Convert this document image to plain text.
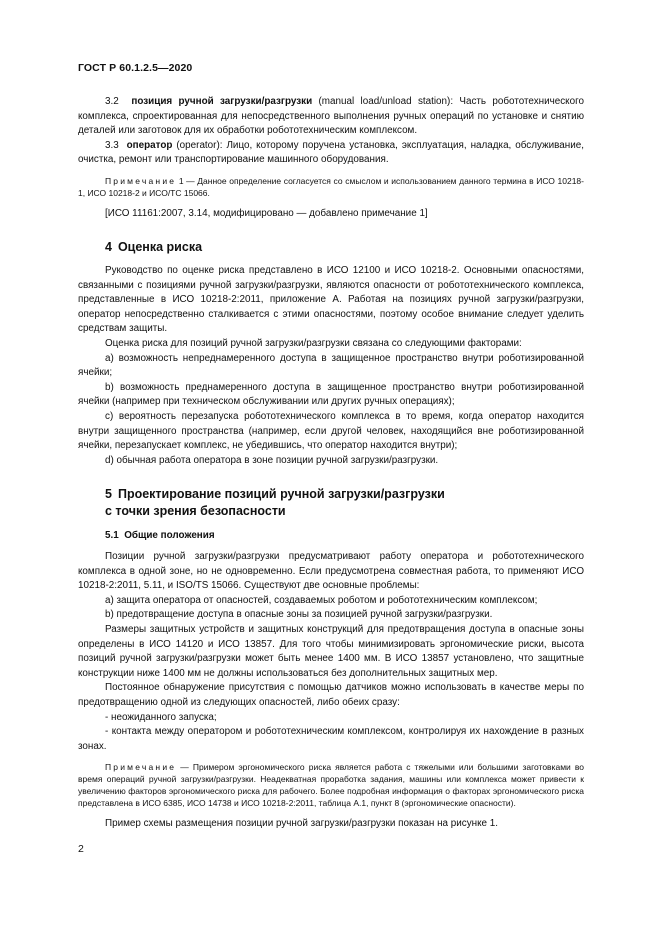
ГОСТ Р 60.1.2.5—2020

3.2 позиция ручной загрузки/разгрузки (manual load/unload station): Часть робототехнического комплекса, спроектированная для непосредственного выполнения ручных операций по установке и снятию деталей или заготовок для их обработки робототехническим комплексом.

3.3 оператор (operator): Лицо, которому поручена установка, эксплуатация, наладка, обслуживание, очистка, ремонт или транспортирование машинного оборудования.

Примечание 1 — Данное определение согласуется со смыслом и использованием данного термина в ИСО 10218-1, ИСО 10218-2 и ИСО/ТС 15066.

[ИСО 11161:2007, 3.14, модифицировано — добавлено примечание 1]

4 Оценка риска

Руководство по оценке риска представлено в ИСО 12100 и ИСО 10218-2. Основными опасностями, связанными с позициями ручной загрузки/разгрузки, являются опасности от робототехнического комплекса, представленные в ИСО 10218-2:2011, приложение А. Работая на позициях ручной загрузки/разгрузки, оператор непосредственно сталкивается с этими опасностями, поэтому особое внимание следует уделить средствам защиты.

Оценка риска для позиций ручной загрузки/разгрузки связана со следующими факторами:

a) возможность непреднамеренного доступа в защищенное пространство внутри роботизированной ячейки;

b) возможность преднамеренного доступа в защищенное пространство внутри роботизированной ячейки (например при техническом обслуживании или других ручных операциях);

c) вероятность перезапуска робототехнического комплекса в то время, когда оператор находится внутри защищенного пространства (например, если другой человек, находящийся вне роботизированной ячейки, перезапускает комплекс, не убедившись, что оператор находится внутри);

d) обычная работа оператора в зоне позиции ручной загрузки/разгрузки.

5 Проектирование позиций ручной загрузки/разгрузки
с точки зрения безопасности
5.1 Общие положения

Позиции ручной загрузки/разгрузки предусматривают работу оператора и робототехнического комплекса в одной зоне, но не одновременно. Если предусмотрена совместная работа, то применяют ИСО 10218-2:2011, 5.11, и ISO/TS 15066. Существуют две основные проблемы:

a) защита оператора от опасностей, создаваемых роботом и робототехническим комплексом;

b) предотвращение доступа в опасные зоны за позицией ручной загрузки/разгрузки.

Размеры защитных устройств и защитных конструкций для предотвращения доступа в опасные зоны определены в ИСО 14120 и ИСО 13857. Для того чтобы минимизировать эргономические риски, высота позиций ручной загрузки/разгрузки может быть менее 1400 мм. В ИСО 13857 установлено, что защитные конструкции ниже 1400 мм не должны использоваться без дополнительных защитных мер.

Постоянное обнаружение присутствия с помощью датчиков можно использовать в качестве меры по предотвращению одной из следующих опасностей, либо обеих сразу:

- неожиданного запуска;

- контакта между оператором и робототехническим комплексом, контролируя их нахождение в разных зонах.

Примечание — Примером эргономического риска является работа с тяжелыми или большими заготовками во время операций ручной загрузки/разгрузки. Неадекватная проработка задания, машины или комплекса может привести к увеличению факторов эргономического риска для рабочего. Более подробная информация о факторах эргономического риска представлена в ИСО 6385, ИСО 14738 и ИСО 10218-2:2011, таблица А.1, пункт 8 (эргономические опасности).

Пример схемы размещения позиции ручной загрузки/разгрузки показан на рисунке 1.

2
